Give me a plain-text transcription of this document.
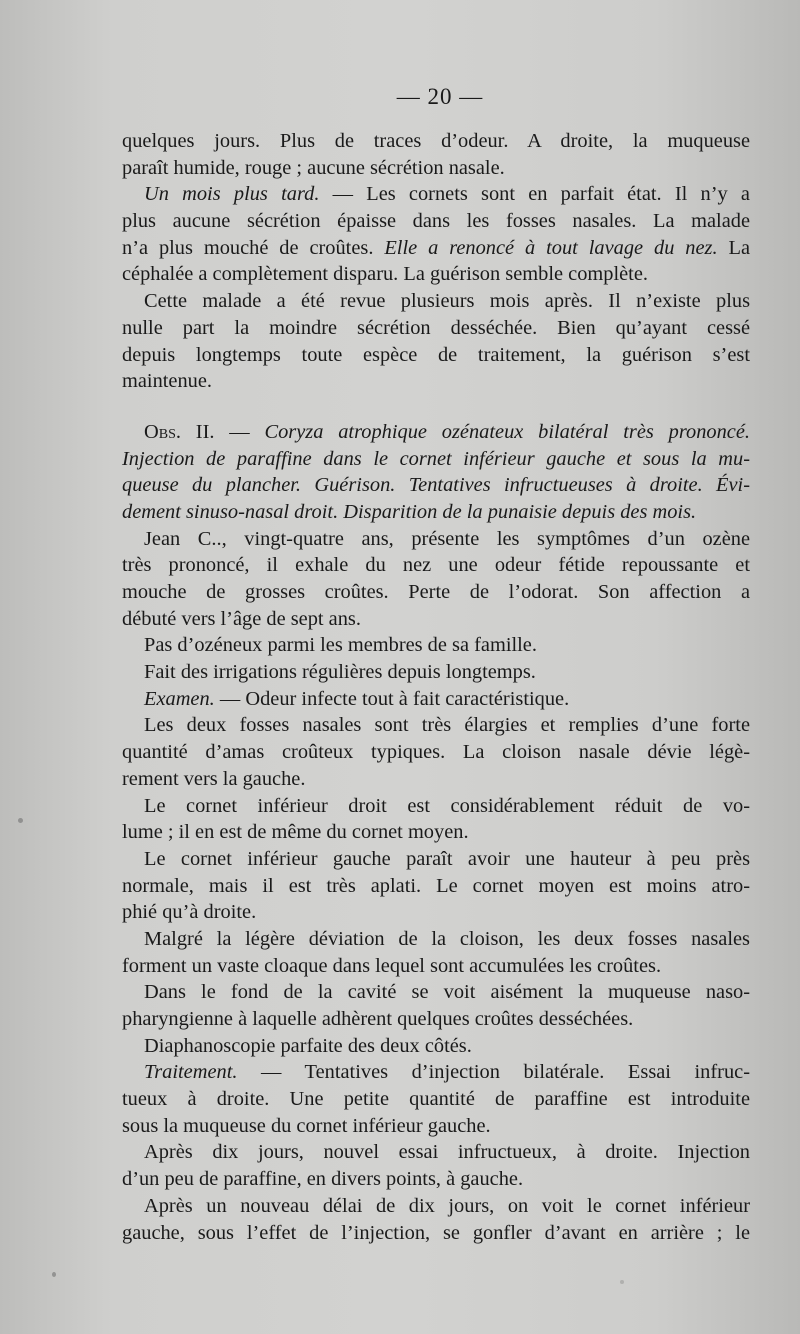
— 20 —
quelques jours. Plus de traces d’odeur. A droite, la muqueuse
paraît humide, rouge ; aucune sécrétion nasale.
Un mois plus tard. — Les cornets sont en parfait état. Il n’y a
plus aucune sécrétion épaisse dans les fosses nasales. La malade
n’a plus mouché de croûtes. Elle a renoncé à tout lavage du nez. La
céphalée a complètement disparu. La guérison semble complète.
Cette malade a été revue plusieurs mois après. Il n’existe plus
nulle part la moindre sécrétion desséchée. Bien qu’ayant cessé
depuis longtemps toute espèce de traitement, la guérison s’est
maintenue.
Obs. II. — Coryza atrophique ozénateux bilatéral très prononcé.
Injection de paraffine dans le cornet inférieur gauche et sous la mu-
queuse du plancher. Guérison. Tentatives infructueuses à droite. Évi-
dement sinuso-nasal droit. Disparition de la punaisie depuis des mois.
Jean C.., vingt-quatre ans, présente les symptômes d’un ozène
très prononcé, il exhale du nez une odeur fétide repoussante et
mouche de grosses croûtes. Perte de l’odorat. Son affection a
débuté vers l’âge de sept ans.
Pas d’ozéneux parmi les membres de sa famille.
Fait des irrigations régulières depuis longtemps.
Examen. — Odeur infecte tout à fait caractéristique.
Les deux fosses nasales sont très élargies et remplies d’une forte
quantité d’amas croûteux typiques. La cloison nasale dévie légè-
rement vers la gauche.
Le cornet inférieur droit est considérablement réduit de vo-
lume ; il en est de même du cornet moyen.
Le cornet inférieur gauche paraît avoir une hauteur à peu près
normale, mais il est très aplati. Le cornet moyen est moins atro-
phié qu’à droite.
Malgré la légère déviation de la cloison, les deux fosses nasales
forment un vaste cloaque dans lequel sont accumulées les croûtes.
Dans le fond de la cavité se voit aisément la muqueuse naso-
pharyngienne à laquelle adhèrent quelques croûtes desséchées.
Diaphanoscopie parfaite des deux côtés.
Traitement. — Tentatives d’injection bilatérale. Essai infruc-
tueux à droite. Une petite quantité de paraffine est introduite
sous la muqueuse du cornet inférieur gauche.
Après dix jours, nouvel essai infructueux, à droite. Injection
d’un peu de paraffine, en divers points, à gauche.
Après un nouveau délai de dix jours, on voit le cornet inférieur
gauche, sous l’effet de l’injection, se gonfler d’avant en arrière ; le
